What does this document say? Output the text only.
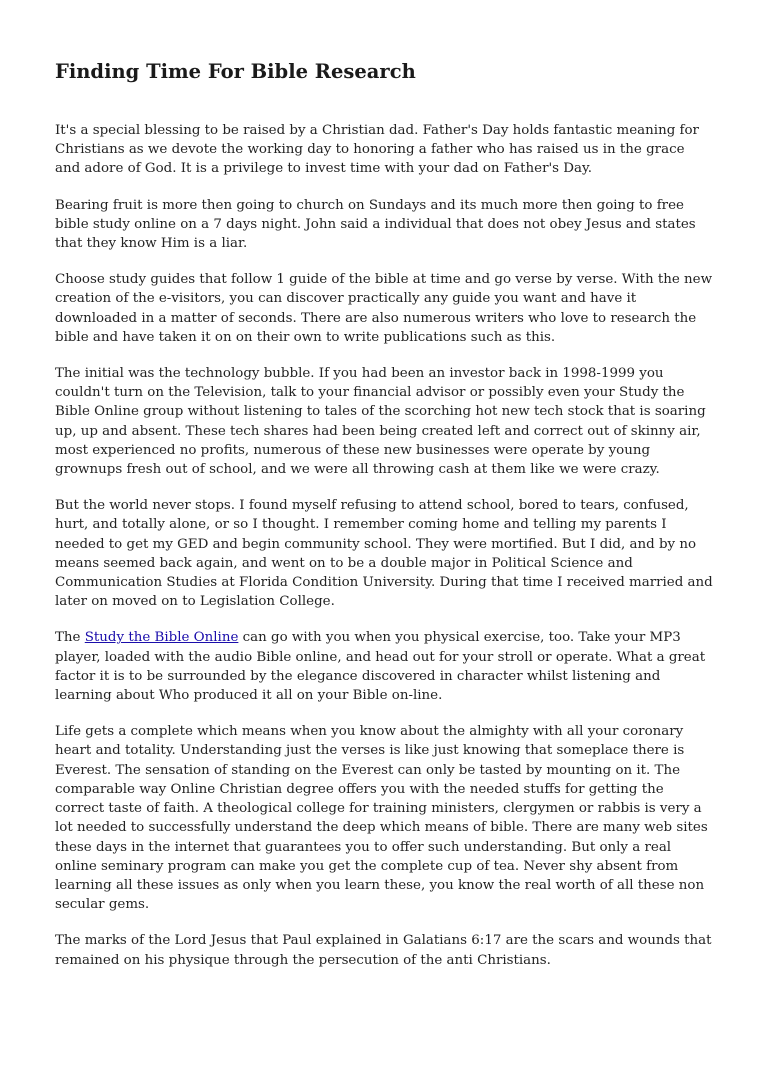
Finding Time For Bible Research

It's a special blessing to be raised by a Christian dad. Father's Day holds fantastic meaning for Christians as we devote the working day to honoring a father who has raised us in the grace and adore of God. It is a privilege to invest time with your dad on Father's Day.

Bearing fruit is more then going to church on Sundays and its much more then going to free bible study online on a 7 days night. John said a individual that does not obey Jesus and states that they know Him is a liar.

Choose study guides that follow 1 guide of the bible at time and go verse by verse. With the new creation of the e-visitors, you can discover practically any guide you want and have it downloaded in a matter of seconds. There are also numerous writers who love to research the bible and have taken it on on their own to write publications such as this.

The initial was the technology bubble. If you had been an investor back in 1998-1999 you couldn't turn on the Television, talk to your financial advisor or possibly even your Study the Bible Online group without listening to tales of the scorching hot new tech stock that is soaring up, up and absent. These tech shares had been being created left and correct out of skinny air, most experienced no profits, numerous of these new businesses were operate by young grownups fresh out of school, and we were all throwing cash at them like we were crazy.

But the world never stops. I found myself refusing to attend school, bored to tears, confused, hurt, and totally alone, or so I thought. I remember coming home and telling my parents I needed to get my GED and begin community school. They were mortified. But I did, and by no means seemed back again, and went on to be a double major in Political Science and Communication Studies at Florida Condition University. During that time I received married and later on moved on to Legislation College.

The Study the Bible Online can go with you when you physical exercise, too. Take your MP3 player, loaded with the audio Bible online, and head out for your stroll or operate. What a great factor it is to be surrounded by the elegance discovered in character whilst listening and learning about Who produced it all on your Bible on-line.

Life gets a complete which means when you know about the almighty with all your coronary heart and totality. Understanding just the verses is like just knowing that someplace there is Everest. The sensation of standing on the Everest can only be tasted by mounting on it. The comparable way Online Christian degree offers you with the needed stuffs for getting the correct taste of faith. A theological college for training ministers, clergymen or rabbis is very a lot needed to successfully understand the deep which means of bible. There are many web sites these days in the internet that guarantees you to offer such understanding. But only a real online seminary program can make you get the complete cup of tea. Never shy absent from learning all these issues as only when you learn these, you know the real worth of all these non secular gems.

The marks of the Lord Jesus that Paul explained in Galatians 6:17 are the scars and wounds that remained on his physique through the persecution of the anti Christians.
